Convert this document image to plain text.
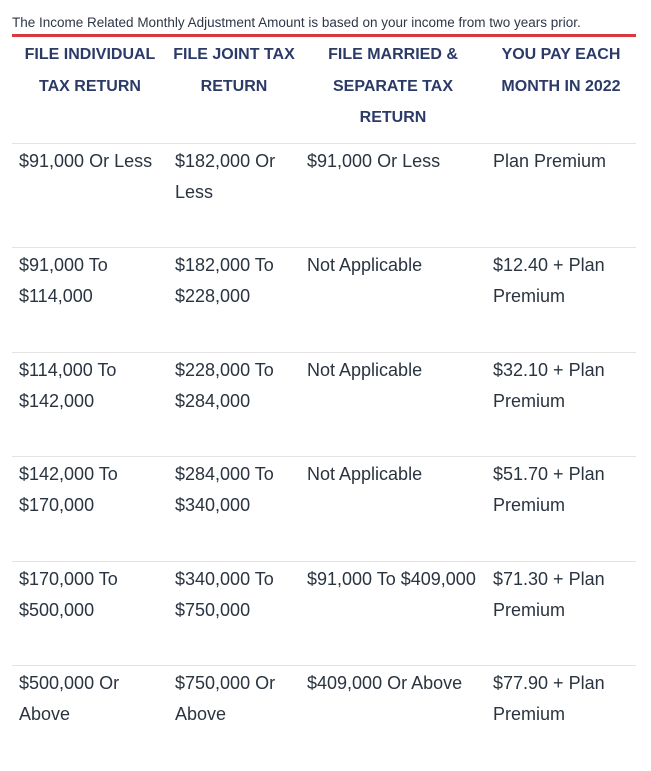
The Income Related Monthly Adjustment Amount is based on your income from two years prior.
FILE INDIVIDUAL TAX RETURN	FILE JOINT TAX RETURN	FILE MARRIED & SEPARATE TAX RETURN	YOU PAY EACH MONTH IN 2022
$91,000 Or Less	$182,000 Or Less	$91,000 Or Less	Plan Premium
$91,000 To $114,000	$182,000 To $228,000	Not Applicable	$12.40 + Plan Premium
$114,000 To $142,000	$228,000 To $284,000	Not Applicable	$32.10 + Plan Premium
$142,000 To $170,000	$284,000 To $340,000	Not Applicable	$51.70 + Plan Premium
$170,000 To $500,000	$340,000 To $750,000	$91,000 To $409,000	$71.30 + Plan Premium
$500,000 Or Above	$750,000 Or Above	$409,000 Or Above	$77.90 + Plan Premium
